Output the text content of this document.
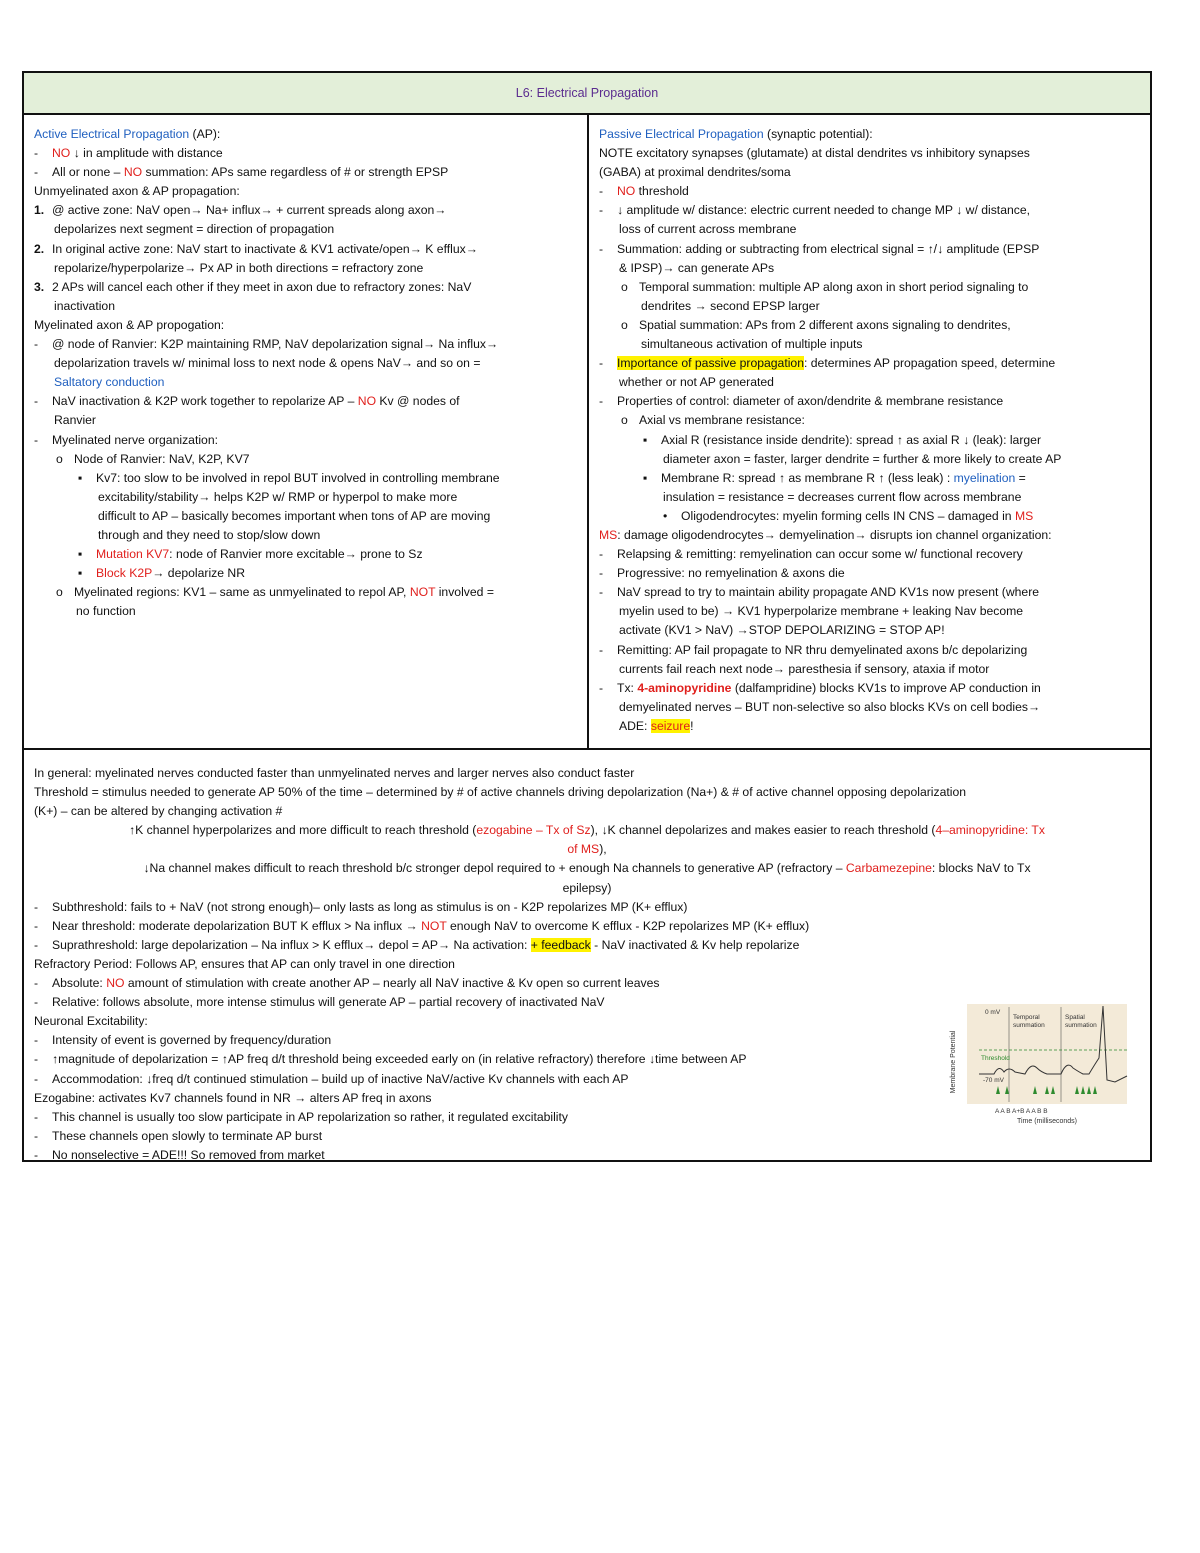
L6: Electrical Propagation
Active Electrical Propagation (AP):
- NO ↓ in amplitude with distance
- All or none – NO summation: APs same regardless of # or strength EPSP
Unmyelinated axon & AP propagation:
1. @ active zone: NaV open→ Na+ influx→ + current spreads along axon→
depolarizes next segment = direction of propagation
2. In original active zone: NaV start to inactivate & KV1 activate/open→ K efflux→
repolarize/hyperpolarize→ Px AP in both directions = refractory zone
3. 2 APs will cancel each other if they meet in axon due to refractory zones: NaV
inactivation
Myelinated axon & AP propogation:
- @ node of Ranvier: K2P maintaining RMP, NaV depolarization signal→ Na influx→
depolarization travels w/ minimal loss to next node & opens NaV→ and so on =
Saltatory conduction
- NaV inactivation & K2P work together to repolarize AP – NO Kv @ nodes of
Ranvier
- Myelinated nerve organization:
o Node of Ranvier: NaV, K2P, KV7
▪ Kv7: too slow to be involved in repol BUT involved in controlling membrane
excitability/stability→ helps K2P w/ RMP or hyperpol to make more
difficult to AP – basically becomes important when tons of AP are moving
through and they need to stop/slow down
▪ Mutation KV7: node of Ranvier more excitable→ prone to Sz
▪ Block K2P→ depolarize NR
o Myelinated regions: KV1 – same as unmyelinated to repol AP, NOT involved =
no function
Passive Electrical Propagation (synaptic potential):
NOTE excitatory synapses (glutamate) at distal dendrites vs inhibitory synapses
(GABA) at proximal dendrites/soma
- NO threshold
- ↓ amplitude w/ distance: electric current needed to change MP ↓ w/ distance,
loss of current across membrane
- Summation: adding or subtracting from electrical signal = ↑/↓ amplitude (EPSP
& IPSP)→ can generate APs
o Temporal summation: multiple AP along axon in short period signaling to
dendrites → second EPSP larger
o Spatial summation: APs from 2 different axons signaling to dendrites,
simultaneous activation of multiple inputs
- Importance of passive propagation: determines AP propagation speed, determine
whether or not AP generated
- Properties of control: diameter of axon/dendrite & membrane resistance
o Axial vs membrane resistance:
▪ Axial R (resistance inside dendrite): spread ↑ as axial R ↓ (leak): larger
diameter axon = faster, larger dendrite = further & more likely to create AP
▪ Membrane R: spread ↑ as membrane R ↑ (less leak) : myelination =
insulation = resistance = decreases current flow across membrane
• Oligodendrocytes: myelin forming cells IN CNS – damaged in MS
MS: damage oligodendrocytes→ demyelination→ disrupts ion channel organization:
- Relapsing & remitting: remyelination can occur some w/ functional recovery
- Progressive: no remyelination & axons die
- NaV spread to try to maintain ability propagate AND KV1s now present (where
myelin used to be) → KV1 hyperpolarize membrane + leaking Nav become
activate (KV1 > NaV) →STOP DEPOLARIZING = STOP AP!
- Remitting: AP fail propagate to NR thru demyelinated axons b/c depolarizing
currents fail reach next node→ paresthesia if sensory, ataxia if motor
- Tx: 4-aminopyridine (dalfampridine) blocks KV1s to improve AP conduction in
demyelinated nerves – BUT non-selective so also blocks KVs on cell bodies→
ADE: seizure!
In general: myelinated nerves conducted faster than unmyelinated nerves and larger nerves also conduct faster
Threshold = stimulus needed to generate AP 50% of the time – determined by # of active channels driving depolarization (Na+) & # of active channel opposing depolarization
(K+) – can be altered by changing activation #
↑K channel hyperpolarizes and more difficult to reach threshold (ezogabine – Tx of Sz), ↓K channel depolarizes and makes easier to reach threshold (4–aminopyridine: Tx
of MS),
↓Na channel makes difficult to reach threshold b/c stronger depol required to + enough Na channels to generative AP (refractory – Carbamezepine: blocks NaV to Tx
epilepsy)
- Subthreshold: fails to + NaV (not strong enough)– only lasts as long as stimulus is on - K2P repolarizes MP (K+ efflux)
- Near threshold: moderate depolarization BUT K efflux > Na influx → NOT enough NaV to overcome K efflux - K2P repolarizes MP (K+ efflux)
- Suprathreshold: large depolarization – Na influx > K efflux→ depol = AP→ Na activation: + feedback - NaV inactivated & Kv help repolarize
Refractory Period: Follows AP, ensures that AP can only travel in one direction
- Absolute: NO amount of stimulation with create another AP – nearly all NaV inactive & Kv open so current leaves
- Relative: follows absolute, more intense stimulus will generate AP – partial recovery of inactivated NaV
Neuronal Excitability:
- Intensity of event is governed by frequency/duration
- ↑magnitude of depolarization = ↑AP freq d/t threshold being exceeded early on (in relative refractory) therefore ↓time between AP
- Accommodation: ↓freq d/t continued stimulation – build up of inactive NaV/active Kv channels with each AP
Ezogabine: activates Kv7 channels found in NR → alters AP freq in axons
- This channel is usually too slow participate in AP repolarization so rather, it regulated excitability
- These channels open slowly to terminate AP burst
- No nonselective = ADE!!! So removed from market
Membrane Potential
0 mV
-70 mV
Temporal
summation
Spatial
summation
Threshold
A A B A+B A A B B
Time (milliseconds)
